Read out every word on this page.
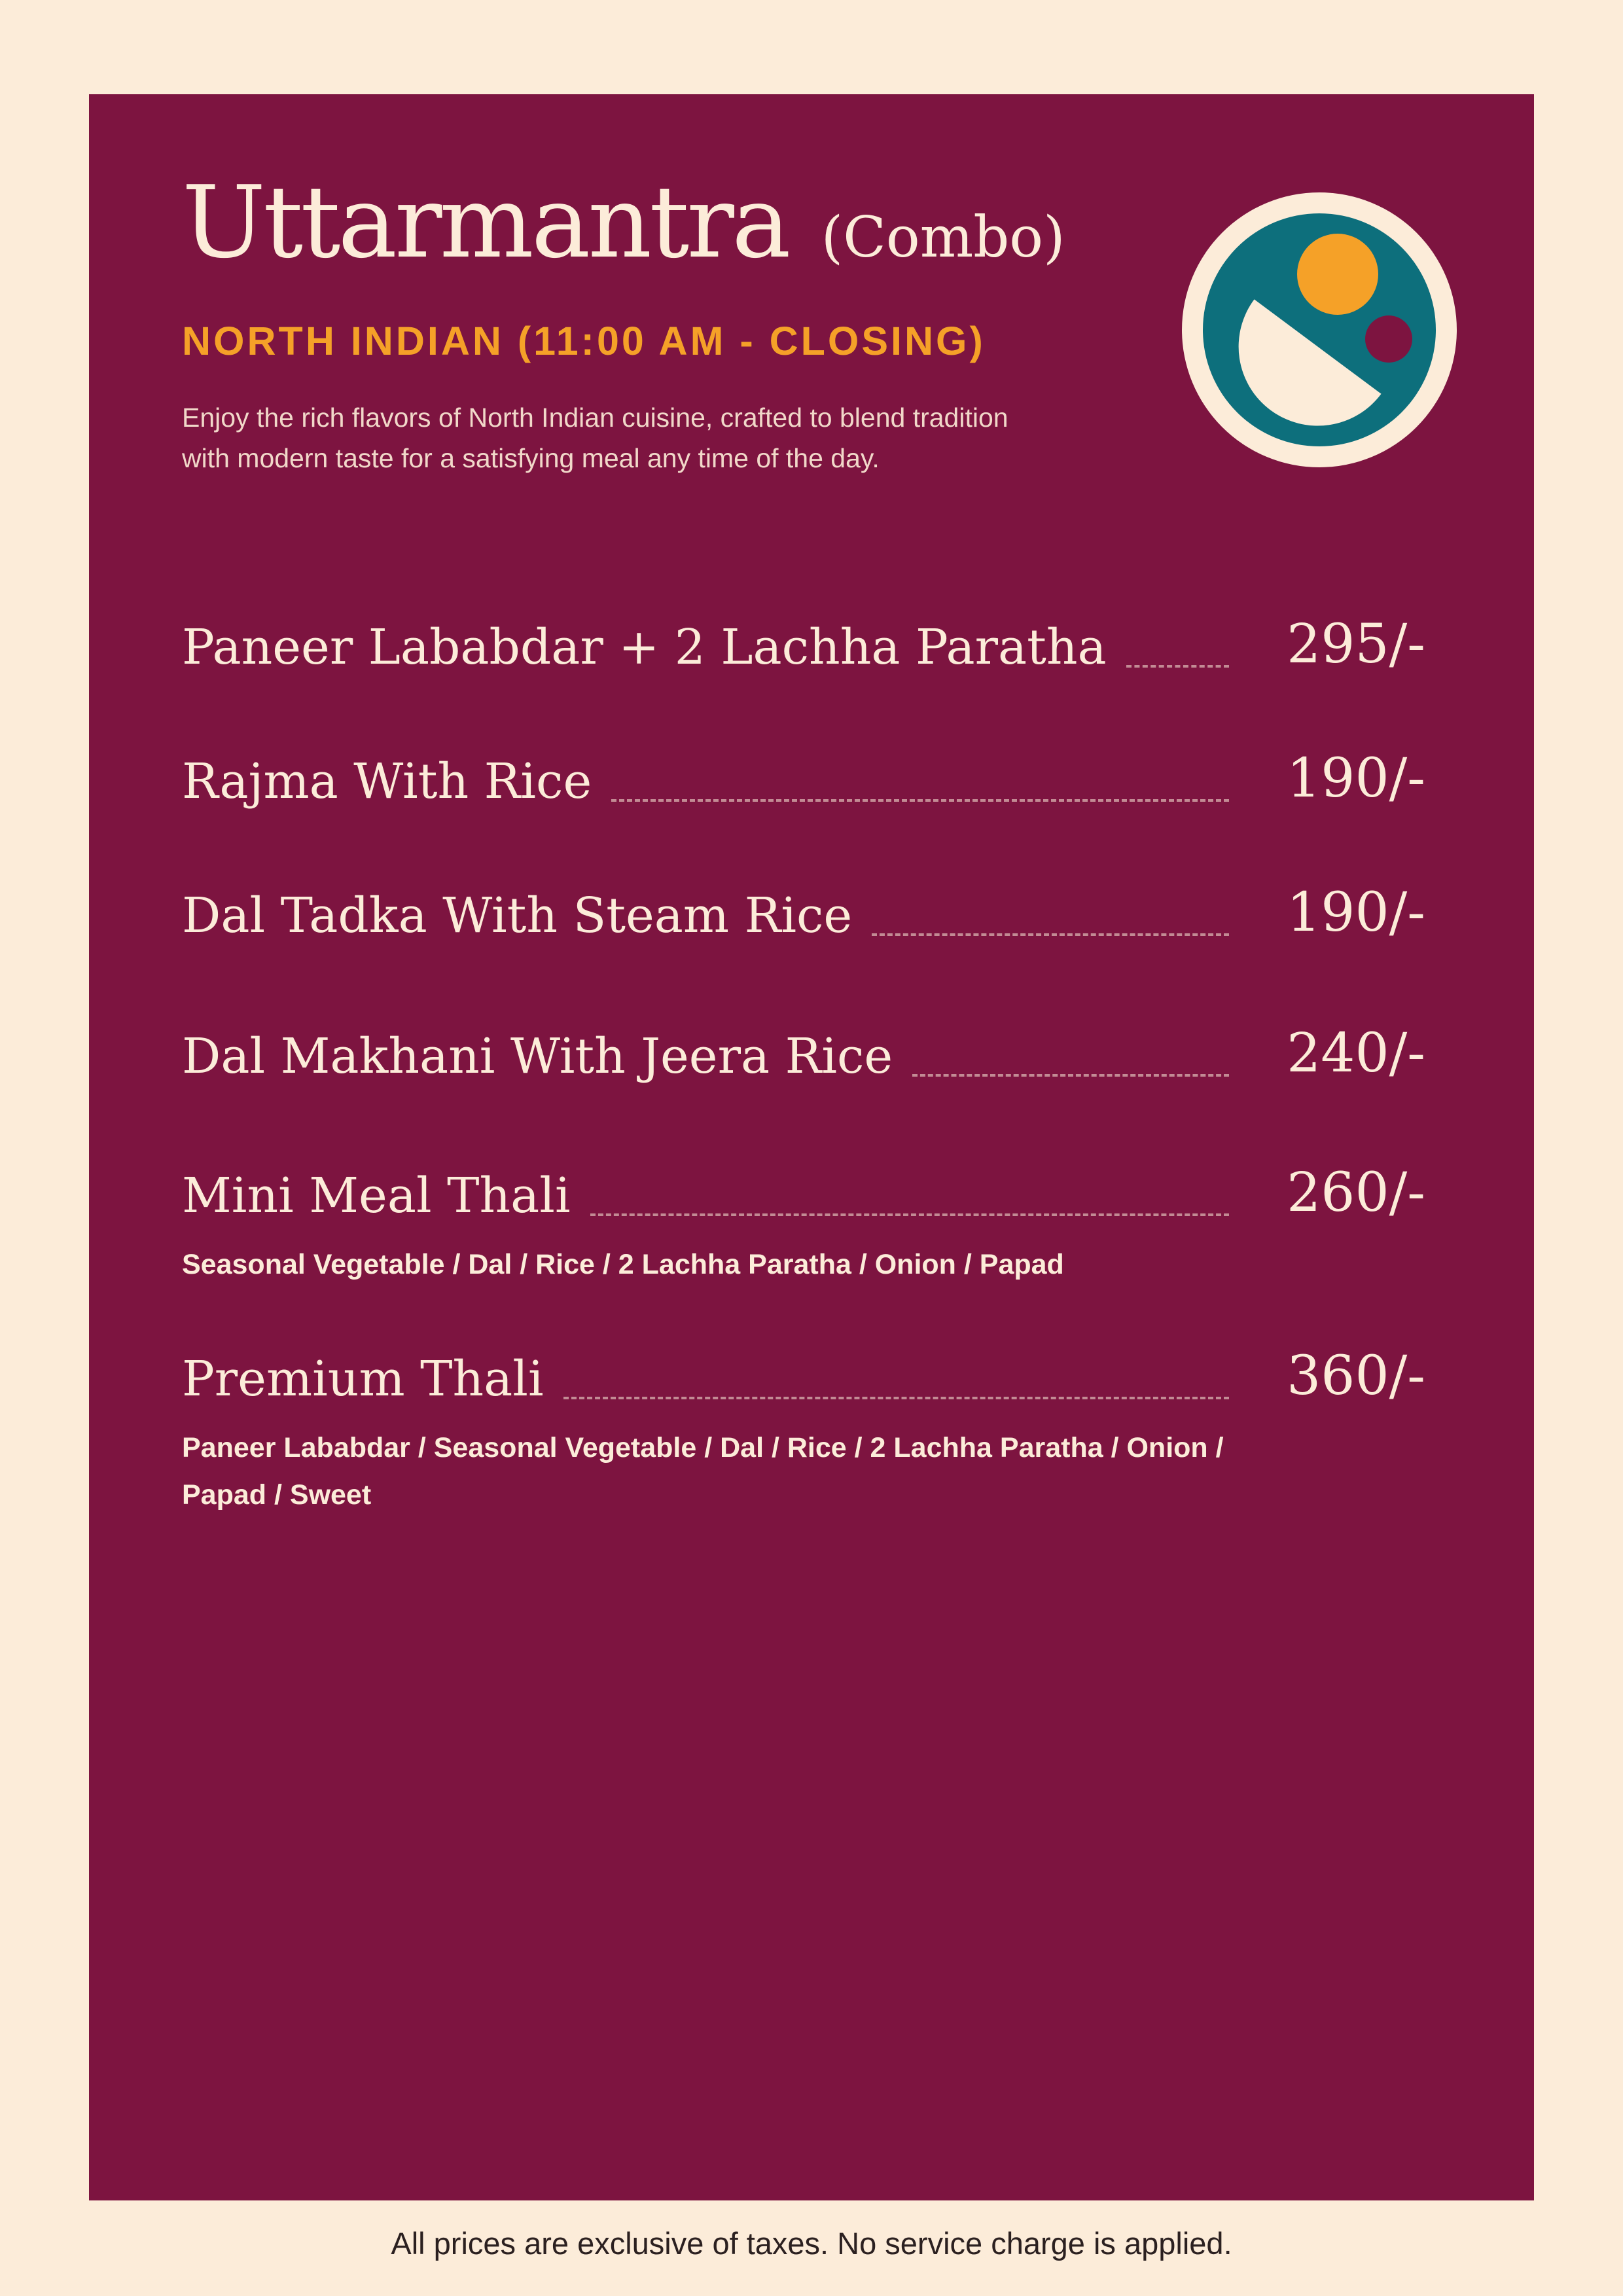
Uttarmantra (Combo)
NORTH INDIAN (11:00 AM - CLOSING)
Enjoy the rich flavors of North Indian cuisine, crafted to blend tradition with modern taste for a satisfying meal any time of the day.
Paneer Lababdar + 2 Lachha Paratha	295/-
Rajma With Rice	190/-
Dal Tadka With Steam Rice	190/-
Dal Makhani With Jeera Rice	240/-
Mini Meal Thali	260/-
Seasonal Vegetable / Dal / Rice / 2 Lachha Paratha / Onion / Papad
Premium Thali	360/-
Paneer Lababdar / Seasonal Vegetable / Dal / Rice / 2 Lachha Paratha / Onion / Papad / Sweet
All prices are exclusive of taxes. No service charge is applied.
